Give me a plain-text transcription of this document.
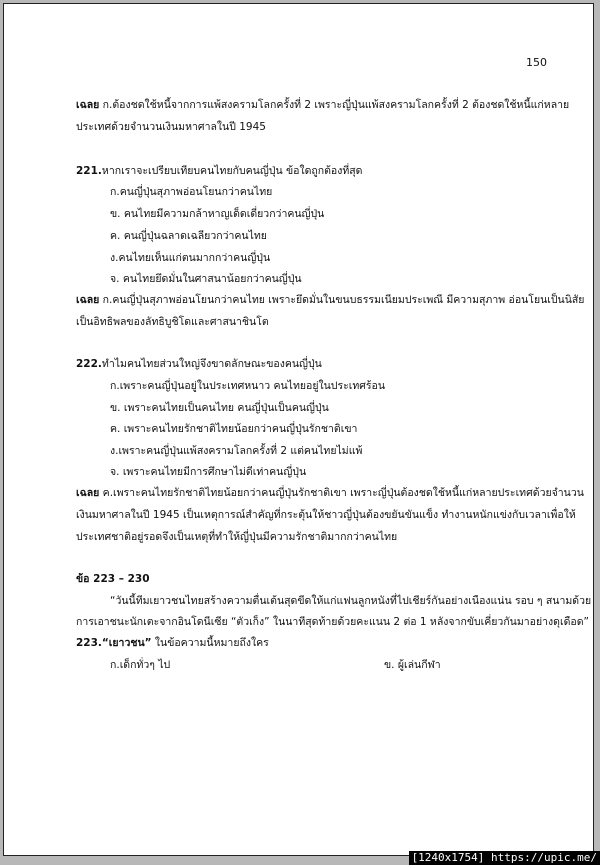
150
เฉลย ก.ต้องชดใช้หนี้จากการแพ้สงครามโลกครั้งที่ 2 เพราะญี่ปุ่นแพ้สงครามโลกครั้งที่ 2 ต้องชดใช้หนี้แก่หลาย
ประเทศด้วยจำนวนเงินมหาศาลในปี 1945
221.หากเราจะเปรียบเทียบคนไทยกับคนญี่ปุ่น ข้อใดถูกต้องที่สุด
ก.คนญี่ปุ่นสุภาพอ่อนโยนกว่าคนไทย
ข. คนไทยมีความกล้าหาญเด็ดเดี่ยวกว่าคนญี่ปุ่น
ค. คนญี่ปุ่นฉลาดเฉลียวกว่าคนไทย
ง.คนไทยเห็นแก่ตนมากกว่าคนญี่ปุ่น
จ. คนไทยยึดมั่นในศาสนาน้อยกว่าคนญี่ปุ่น
เฉลย ก.คนญี่ปุ่นสุภาพอ่อนโยนกว่าคนไทย เพราะยึดมั่นในขนบธรรมเนียมประเพณี มีความสุภาพ อ่อนโยนเป็นนิสัย
เป็นอิทธิพลของลัทธิบูชิโดและศาสนาชินโต
222.ทำไมคนไทยส่วนใหญ่จึงขาดลักษณะของคนญี่ปุ่น
ก.เพราะคนญี่ปุ่นอยู่ในประเทศหนาว คนไทยอยู่ในประเทศร้อน
ข. เพราะคนไทยเป็นคนไทย คนญี่ปุ่นเป็นคนญี่ปุ่น
ค. เพราะคนไทยรักชาติไทยน้อยกว่าคนญี่ปุ่นรักชาติเขา
ง.เพราะคนญี่ปุ่นแพ้สงครามโลกครั้งที่ 2 แต่คนไทยไม่แพ้
จ. เพราะคนไทยมีการศึกษาไม่ดีเท่าคนญี่ปุ่น
เฉลย ค.เพราะคนไทยรักชาติไทยน้อยกว่าคนญี่ปุ่นรักชาติเขา เพราะญี่ปุ่นต้องชดใช้หนี้แก่หลายประเทศด้วยจำนวน
เงินมหาศาลในปี 1945 เป็นเหตุการณ์สำคัญที่กระตุ้นให้ชาวญี่ปุ่นต้องขยันขันแข็ง ทำงานหนักแข่งกับเวลาเพื่อให้
ประเทศชาติอยู่รอดจึงเป็นเหตุที่ทำให้ญี่ปุ่นมีความรักชาติมากกว่าคนไทย
ข้อ 223 – 230
“วันนี้ทีมเยาวชนไทยสร้างความตื่นเต้นสุดขีดให้แก่แฟนลูกหนังที่ไปเชียร์กันอย่างเนืองแน่น รอบ ๆ สนามด้วย
การเอาชนะนักเตะจากอินโดนีเซีย “ตัวเก็ง” ในนาทีสุดท้ายด้วยคะแนน 2 ต่อ 1 หลังจากขับเคี่ยวกันมาอย่างดุเดือด”
223.“เยาวชน” ในข้อความนี้หมายถึงใคร
ก.เด็กทั่วๆ ไป	ข. ผู้เล่นกีฬา
[1240x1754] https://upic.me/
